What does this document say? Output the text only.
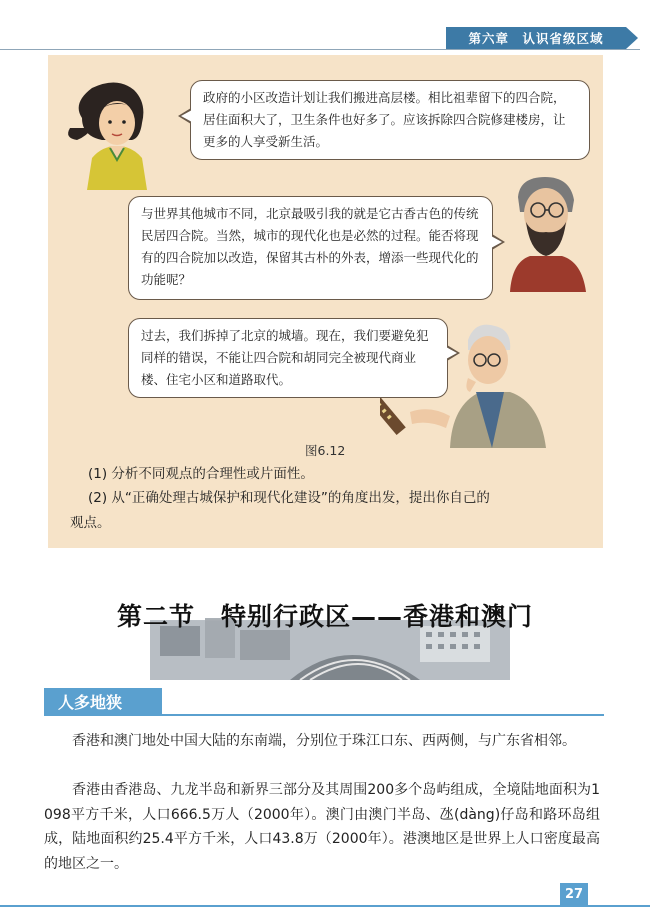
第六章　认识省级区域
政府的小区改造计划让我们搬进高层楼。相比祖辈留下的四合院，居住面积大了，卫生条件也好多了。应该拆除四合院修建楼房，让更多的人享受新生活。
与世界其他城市不同，北京最吸引我的就是它古香古色的传统民居四合院。当然，城市的现代化也是必然的过程。能否将现有的四合院加以改造，保留其古朴的外表，增添一些现代化的功能呢？
过去，我们拆掉了北京的城墙。现在，我们要避免犯同样的错误，不能让四合院和胡同完全被现代商业楼、住宅小区和道路取代。
图6.12
(1) 分析不同观点的合理性或片面性。
(2) 从“正确处理古城保护和现代化建设”的角度出发，提出你自己的
观点。
第二节　特别行政区——香港和澳门
人多地狭

香港和澳门地处中国大陆的东南端，分别位于珠江口东、西两侧，与广东省相邻。

香港由香港岛、九龙半岛和新界三部分及其周围200多个岛屿组成，全境陆地面积为1 098平方千米，人口666.5万人（2000年）。澳门由澳门半岛、氹(dàng)仔岛和路环岛组成，陆地面积约25.4平方千米，人口43.8万（2000年）。港澳地区是世界上人口密度最高的地区之一。

27
